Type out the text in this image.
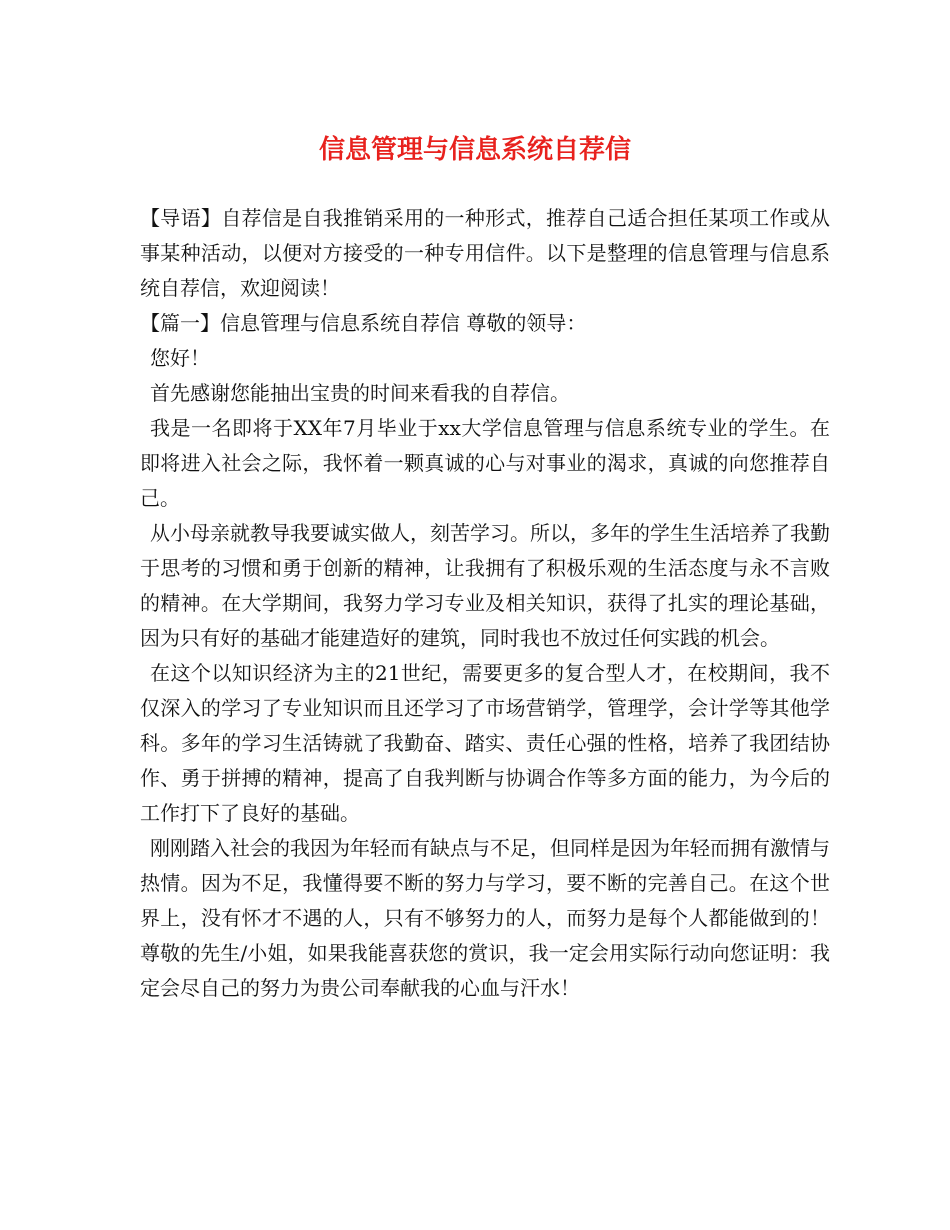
信息管理与信息系统自荐信

【导语】自荐信是自我推销采用的一种形式，推荐自己适合担任某项工作或从事某种活动，以便对方接受的一种专用信件。以下是整理的信息管理与信息系统自荐信，欢迎阅读！

【篇一】信息管理与信息系统自荐信 尊敬的领导：

您好！

首先感谢您能抽出宝贵的时间来看我的自荐信。

我是一名即将于XX年7月毕业于xx大学信息管理与信息系统专业的学生。在即将进入社会之际，我怀着一颗真诚的心与对事业的渴求，真诚的向您推荐自己。

从小母亲就教导我要诚实做人，刻苦学习。所以，多年的学生生活培养了我勤于思考的习惯和勇于创新的精神，让我拥有了积极乐观的生活态度与永不言败的精神。在大学期间，我努力学习专业及相关知识，获得了扎实的理论基础，因为只有好的基础才能建造好的建筑，同时我也不放过任何实践的机会。

在这个以知识经济为主的21世纪，需要更多的复合型人才，在校期间，我不仅深入的学习了专业知识而且还学习了市场营销学，管理学，会计学等其他学科。多年的学习生活铸就了我勤奋、踏实、责任心强的性格，培养了我团结协作、勇于拼搏的精神，提高了自我判断与协调合作等多方面的能力，为今后的工作打下了良好的基础。

刚刚踏入社会的我因为年轻而有缺点与不足，但同样是因为年轻而拥有激情与热情。因为不足，我懂得要不断的努力与学习，要不断的完善自己。在这个世界上，没有怀才不遇的人，只有不够努力的人，而努力是每个人都能做到的！尊敬的先生/小姐，如果我能喜获您的赏识，我一定会用实际行动向您证明：我定会尽自己的努力为贵公司奉献我的心血与汗水！
